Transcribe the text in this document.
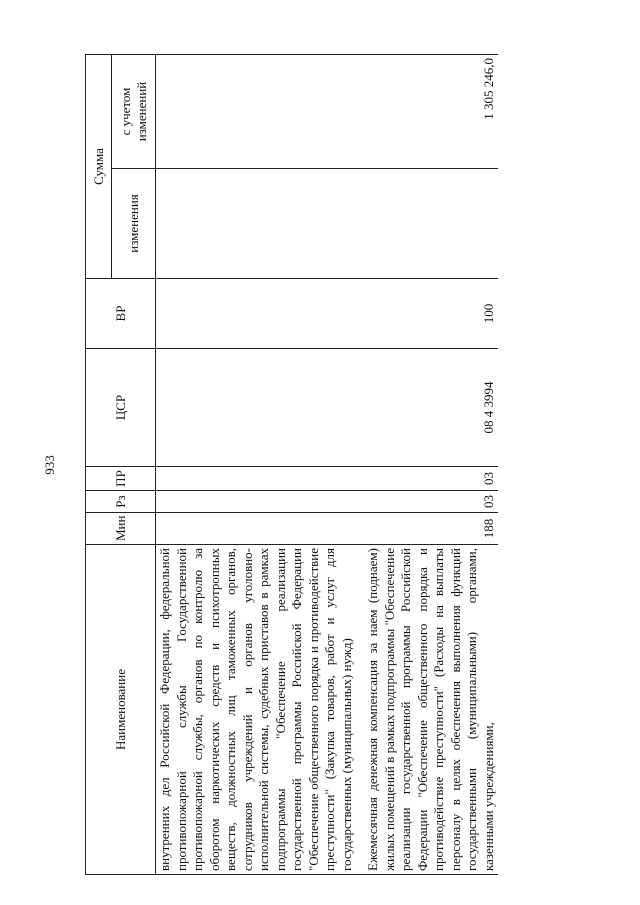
933
Наименование	Мин	Рз	ПР	ЦСР	ВР	Сумма	
						изменения	с учетом изменений
внутренних дел Российской Федерации, федеральной противопожарной службы Государственной противопожарной службы, органов по контролю за оборотом наркотических средств и психотропных веществ, должностных лиц таможенных органов, сотрудников учреждений и органов уголовно-исполнительной системы, судебных приставов в рамках подпрограммы "Обеспечение реализации государственной программы Российской Федерации "Обеспечение общественного порядка и противодействие преступности" (Закупка товаров, работ и услуг для государственных (муниципальных) нужд)							

Ежемесячная денежная компенсация за наем (поднаем) жилых помещений в рамках подпрограммы "Обеспечение реализации государственной программы Российской Федерации "Обеспечение общественного порядка и противодействие преступности" (Расходы на выплаты персоналу в целях обеспечения выполнения функций государственными (муниципальными) органами, казенными учреждениями,	188	03	03	08 4 3994	100		1 305 246,0
